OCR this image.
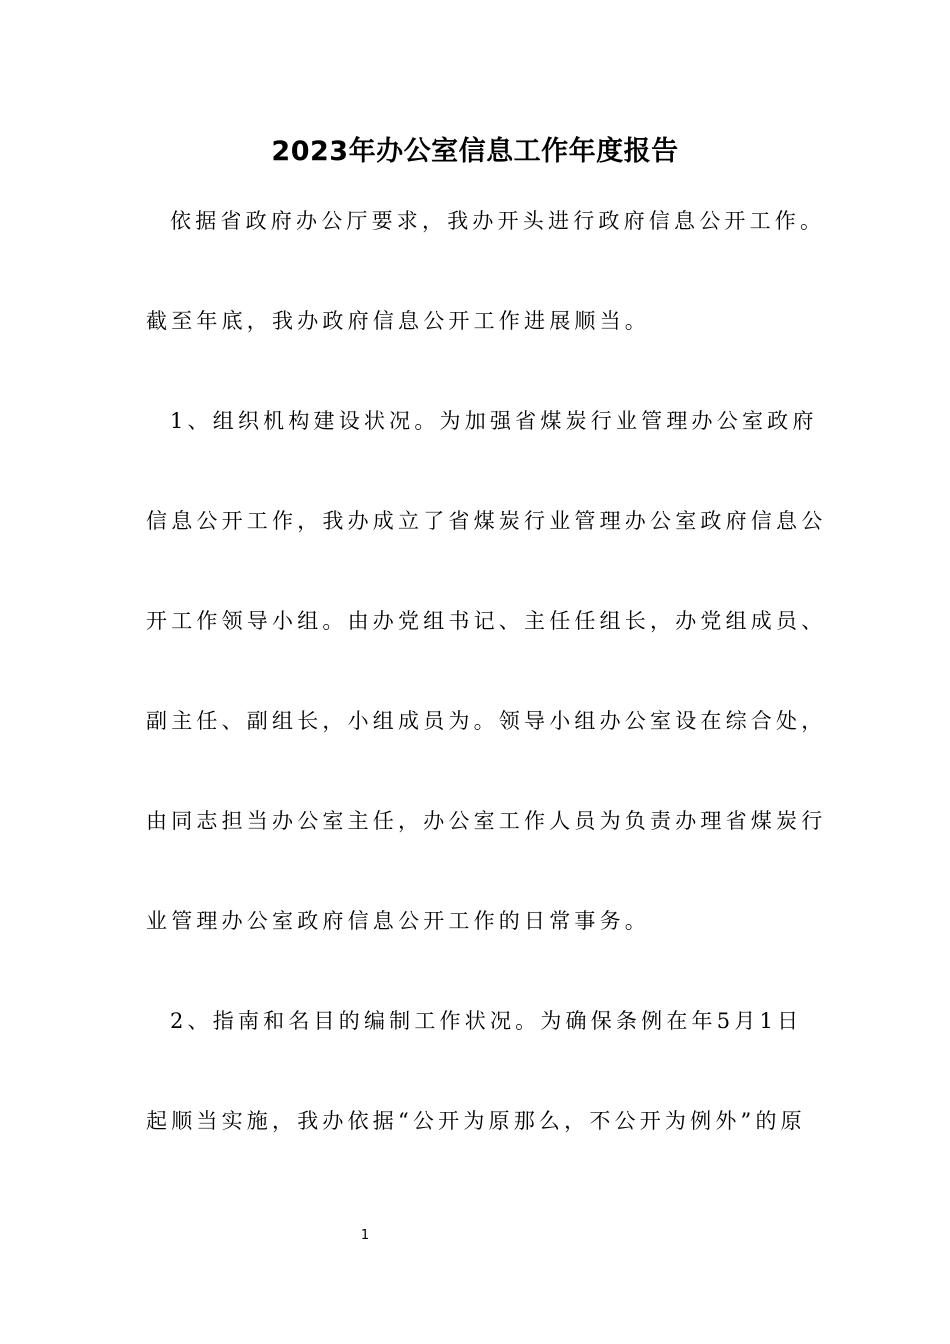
2023年办公室信息工作年度报告
依据省政府办公厅要求，我办开头进行政府信息公开工作。
截至年底，我办政府信息公开工作进展顺当。
1、组织机构建设状况。为加强省煤炭行业管理办公室政府
信息公开工作，我办成立了省煤炭行业管理办公室政府信息公
开工作领导小组。由办党组书记、主任任组长，办党组成员、
副主任、副组长，小组成员为。领导小组办公室设在综合处，
由同志担当办公室主任，办公室工作人员为负责办理省煤炭行
业管理办公室政府信息公开工作的日常事务。
2、指南和名目的编制工作状况。为确保条例在年5月1日
起顺当实施，我办依据“公开为原那么，不公开为例外”的原
1
